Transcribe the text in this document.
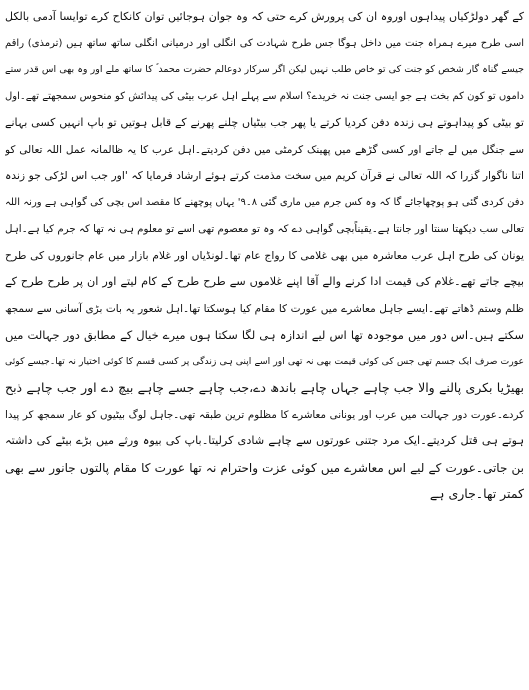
کے گھر دولڑکیاں پیداہوں اوروہ ان کی پرورش کرے حتی کہ وہ جوان ہوجائیں توان کانکاح کرے توایسا آدمی بالکل
اسی طرح میرے ہمراہ جنت میں داخل ہوگا جس طرح شہادت کی انگلی اور درمیانی انگلی ساتھ ساتھ ہیں (ترمذی) راقم
جیسے گناہ گار شخص کو جنت کی تو خاص طلب نہیں لیکن اگر سرکار دوعالم حضرت محمد ؐ کا ساتھ ملے اور وہ بھی اس قدر ستے
داموں تو کون کم بخت ہے جو ایسی جنت نہ خریدے؟ اسلام سے پہلے اہل عرب بیٹی کی پیدائش کو منحوس سمجھتے تھے۔اول
تو بیٹی کو پیداہوتے ہی زندہ دفن کردیا کرتے یا پھر جب بیٹیاں چلنے پھرنے کے قابل ہوتیں تو باپ انہیں کسی بہانے
سے جنگل میں لے جاتے اور کسی گڑھے میں پھینک کرمٹی میں دفن کردیتے۔اہل عرب کا یہ ظالمانہ عمل اللہ تعالی کو
اتنا ناگوار گزرا کہ اللہ تعالی نے قرآن کریم میں سخت مذمت کرتے ہوئے ارشاد فرمایا کہ 'اور جب اس لڑکی جو زندہ
دفن کردی گئی ہو پوچھاجائے گا کہ وہ کس جرم میں ماری گئی ۸۔۹' یہاں پوچھنے کا مقصد اس بچی کی گواہی ہے ورنہ اللہ
تعالی سب دیکھتا سنتا اور جانتا ہے۔یقیناًبچی گواہی دے کہ وہ تو معصوم تھی اسے تو معلوم ہی نہ تھا کہ جرم کیا ہے۔اہل
یونان کی طرح اہل عرب معاشرہ میں بھی غلامی کا رواج عام تھا۔لونڈیاں اور غلام بازار میں عام جانوروں کی طرح
بیچے جاتے تھے۔غلام کی قیمت ادا کرنے والے آقا اپنے غلاموں سے طرح طرح کے کام لیتے اور ان پر طرح طرح کے
ظلم وستم ڈھاتے تھے۔ایسے جاہل معاشرے میں عورت کا مقام کیا ہوسکتا تھا۔اہل شعور یہ بات بڑی آسانی سے سمجھ
سکتے ہیں۔اس دور میں موجودہ تھا اس لیے اندازہ ہی لگا سکتا ہوں میرے خیال کے مطابق دور جہالت میں
عورت صرف ایک جسم تھی جس کی کوئی قیمت بھی نہ تھی اور اسے اپنی ہی زندگی پر کسی قسم کا کوئی اختیار نہ تھا۔جیسے کوئی
بھیڑیا بکری پالنے والا جب چاہے جہاں چاہے باندھ دے،جب چاہے جسے چاہے بیچ دے اور جب چاہے ذبح
کردے۔عورت دور جہالت میں عرب اور یونانی معاشرے کا مظلوم ترین طبقہ تھی۔جاہل لوگ بیٹیوں کو عار سمجھ کر پیدا
ہوتے ہی قتل کردیتے۔ایک مرد جتنی عورتوں سے چاہے شادی کرلیتا۔باپ کی بیوہ ورثے میں بڑے بیٹے کی داشتہ
بن جاتی۔عورت کے لیے اس معاشرے میں کوئی عزت واحترام نہ تھا عورت کا مقام پالتوں جانور سے بھی
کمتر تھا۔جاری ہے
